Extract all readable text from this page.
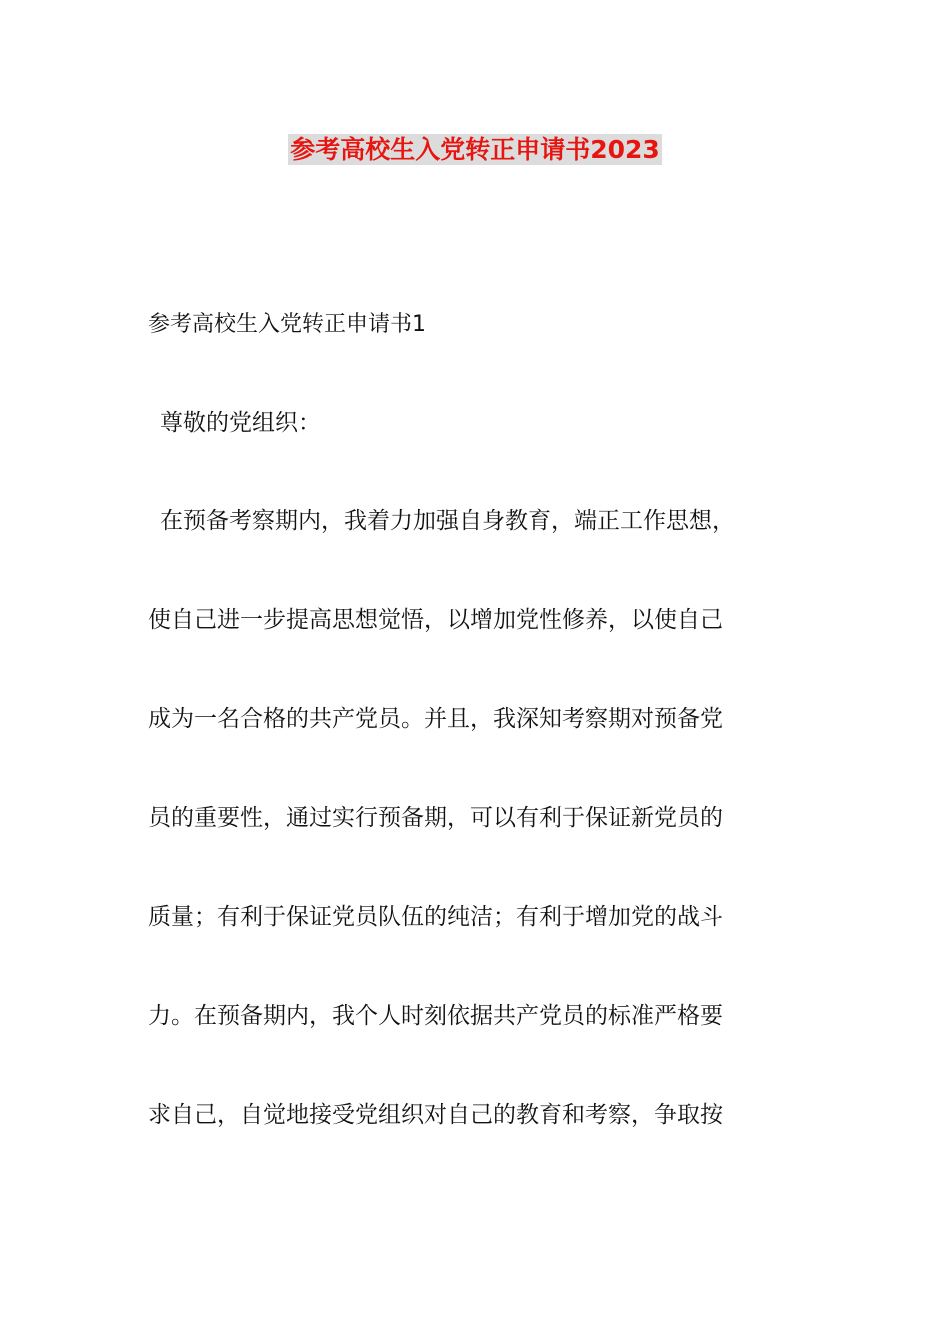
参考高校生入党转正申请书2023
参考高校生入党转正申请书1
尊敬的党组织：
在预备考察期内，我着力加强自身教育，端正工作思想，
使自己进一步提高思想觉悟，以增加党性修养，以使自己
成为一名合格的共产党员。并且，我深知考察期对预备党
员的重要性，通过实行预备期，可以有利于保证新党员的
质量；有利于保证党员队伍的纯洁；有利于增加党的战斗
力。在预备期内，我个人时刻依据共产党员的标准严格要
求自己，自觉地接受党组织对自己的教育和考察，争取按
